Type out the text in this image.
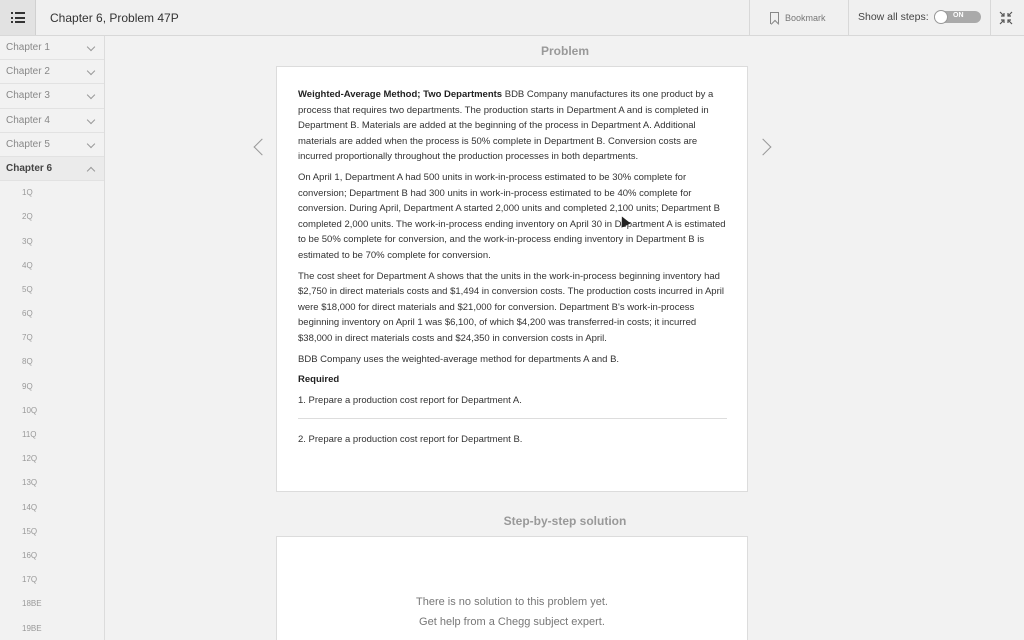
Chapter 6, Problem 47P	Bookmark	Show all steps:	ON
Chapter 1
Chapter 2
Chapter 3
Chapter 4
Chapter 5
Chapter 6
1Q
2Q
3Q
4Q
5Q
6Q
7Q
8Q
9Q
10Q
11Q
12Q
13Q
14Q
15Q
16Q
17Q
18BE
19BE
Problem

Weighted-Average Method; Two Departments BDB Company manufactures its one product by a process that requires two departments. The production starts in Department A and is completed in Department B. Materials are added at the beginning of the process in Department A. Additional materials are added when the process is 50% complete in Department B. Conversion costs are incurred proportionally throughout the production processes in both departments.

On April 1, Department A had 500 units in work-in-process estimated to be 30% complete for conversion; Department B had 300 units in work-in-process estimated to be 40% complete for conversion. During April, Department A started 2,000 units and completed 2,100 units; Department B completed 2,000 units. The work-in-process ending inventory on April 30 in Department A is estimated to be 50% complete for conversion, and the work-in-process ending inventory in Department B is estimated to be 70% complete for conversion.

The cost sheet for Department A shows that the units in the work-in-process beginning inventory had $2,750 in direct materials costs and $1,494 in conversion costs. The production costs incurred in April were $18,000 for direct materials and $21,000 for conversion. Department B's work-in-process beginning inventory on April 1 was $6,100, of which $4,200 was transferred-in costs; it incurred $38,000 in direct materials costs and $24,350 in conversion costs in April.

BDB Company uses the weighted-average method for departments A and B.

Required

1. Prepare a production cost report for Department A.

2. Prepare a production cost report for Department B.

Step-by-step solution

There is no solution to this problem yet.

Get help from a Chegg subject expert.
